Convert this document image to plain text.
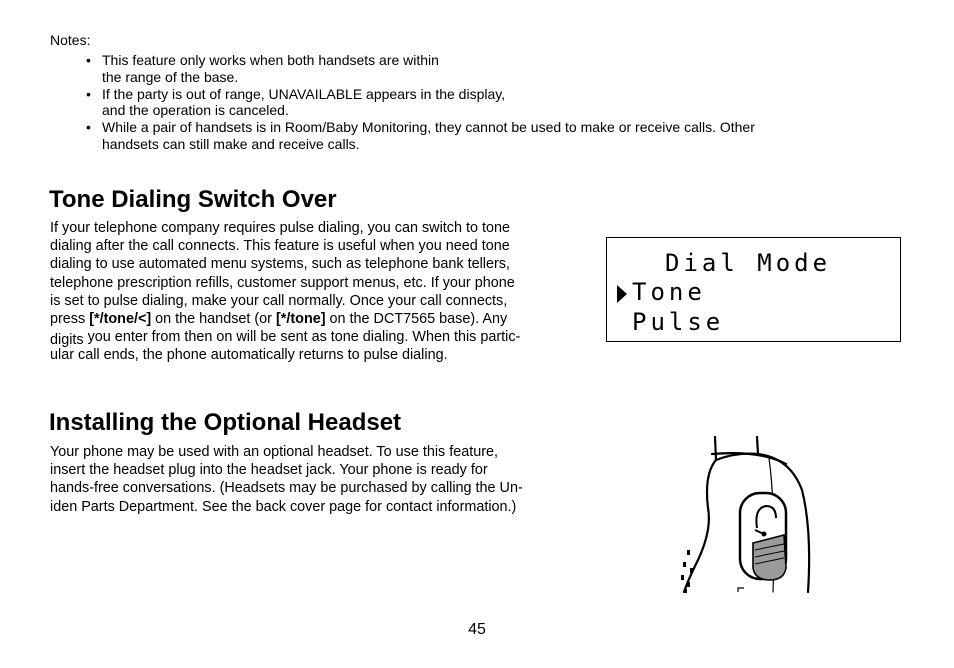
Notes:
• This feature only works when both handsets are within
the range of the base.
• If the party is out of range, UNAVAILABLE appears in the display,
and the operation is canceled.
• While a pair of handsets is in Room/Baby Monitoring, they cannot be used to make or receive calls. Other
handsets can still make and receive calls.
Tone Dialing Switch Over
If your telephone company requires pulse dialing, you can switch to tone
dialing after the call connects. This feature is useful when you need tone
dialing to use automated menu systems, such as telephone bank tellers,
telephone prescription refills, customer support menus, etc. If your phone
is set to pulse dialing, make your call normally. Once your call connects,
press [*/tone/<] on the handset (or [*/tone] on the DCT7565 base). Any
digits you enter from then on will be sent as tone dialing. When this partic-
ular call ends, the phone automatically returns to pulse dialing.
Dial Mode
Tone
Pulse
Installing the Optional Headset
Your phone may be used with an optional headset. To use this feature,
insert the headset plug into the headset jack. Your phone is ready for
hands-free conversations. (Headsets may be purchased by calling the Un-
iden Parts Department. See the back cover page for contact information.)
45
